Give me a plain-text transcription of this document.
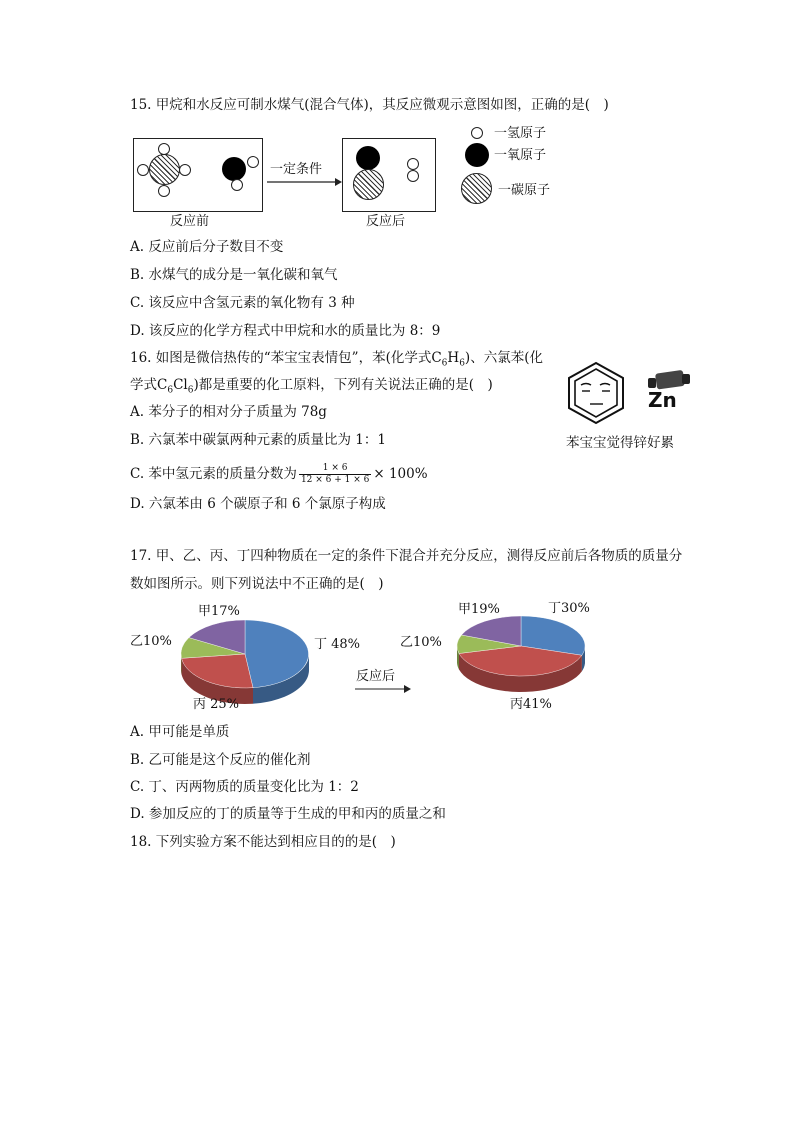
15. 甲烷和水反应可制水煤气(混合气体)，其反应微观示意图如图，正确的是(　)
反应前
一定条件
反应后
一氢原子
一氧原子
一碳原子
A. 反应前后分子数目不变
B. 水煤气的成分是一氧化碳和氧气
C. 该反应中含氢元素的氧化物有 3 种
D. 该反应的化学方程式中甲烷和水的质量比为 8：9
16. 如图是微信热传的“苯宝宝表情包”，苯(化学式$C_6H_6$)、六氯苯(化
学式$C_6Cl_6$)都是重要的化工原料，下列有关说法正确的是(　)
Zn
苯宝宝觉得锌好累
A. 苯分子的相对分子质量为 78g
B. 六氯苯中碳氯两种元素的质量比为 1：1
C. 苯中氢元素的质量分数为 $\frac{1 \times 6}{12 \times 6 + 1 \times 6} \times 100\%$
D. 六氯苯由 6 个碳原子和 6 个氯原子构成
17. 甲、乙、丙、丁四种物质在一定的条件下混合并充分反应，测得反应前后各物质的质量分
数如图所示。则下列说法中不正确的是(　)
甲17%
乙10%
丙 25%
丁 48%
反应后
甲19%
乙10%
丙41%
丁30%
A. 甲可能是单质
B. 乙可能是这个反应的催化剂
C. 丁、丙两物质的质量变化比为 1：2
D. 参加反应的丁的质量等于生成的甲和丙的质量之和
18. 下列实验方案不能达到相应目的的是(　)
